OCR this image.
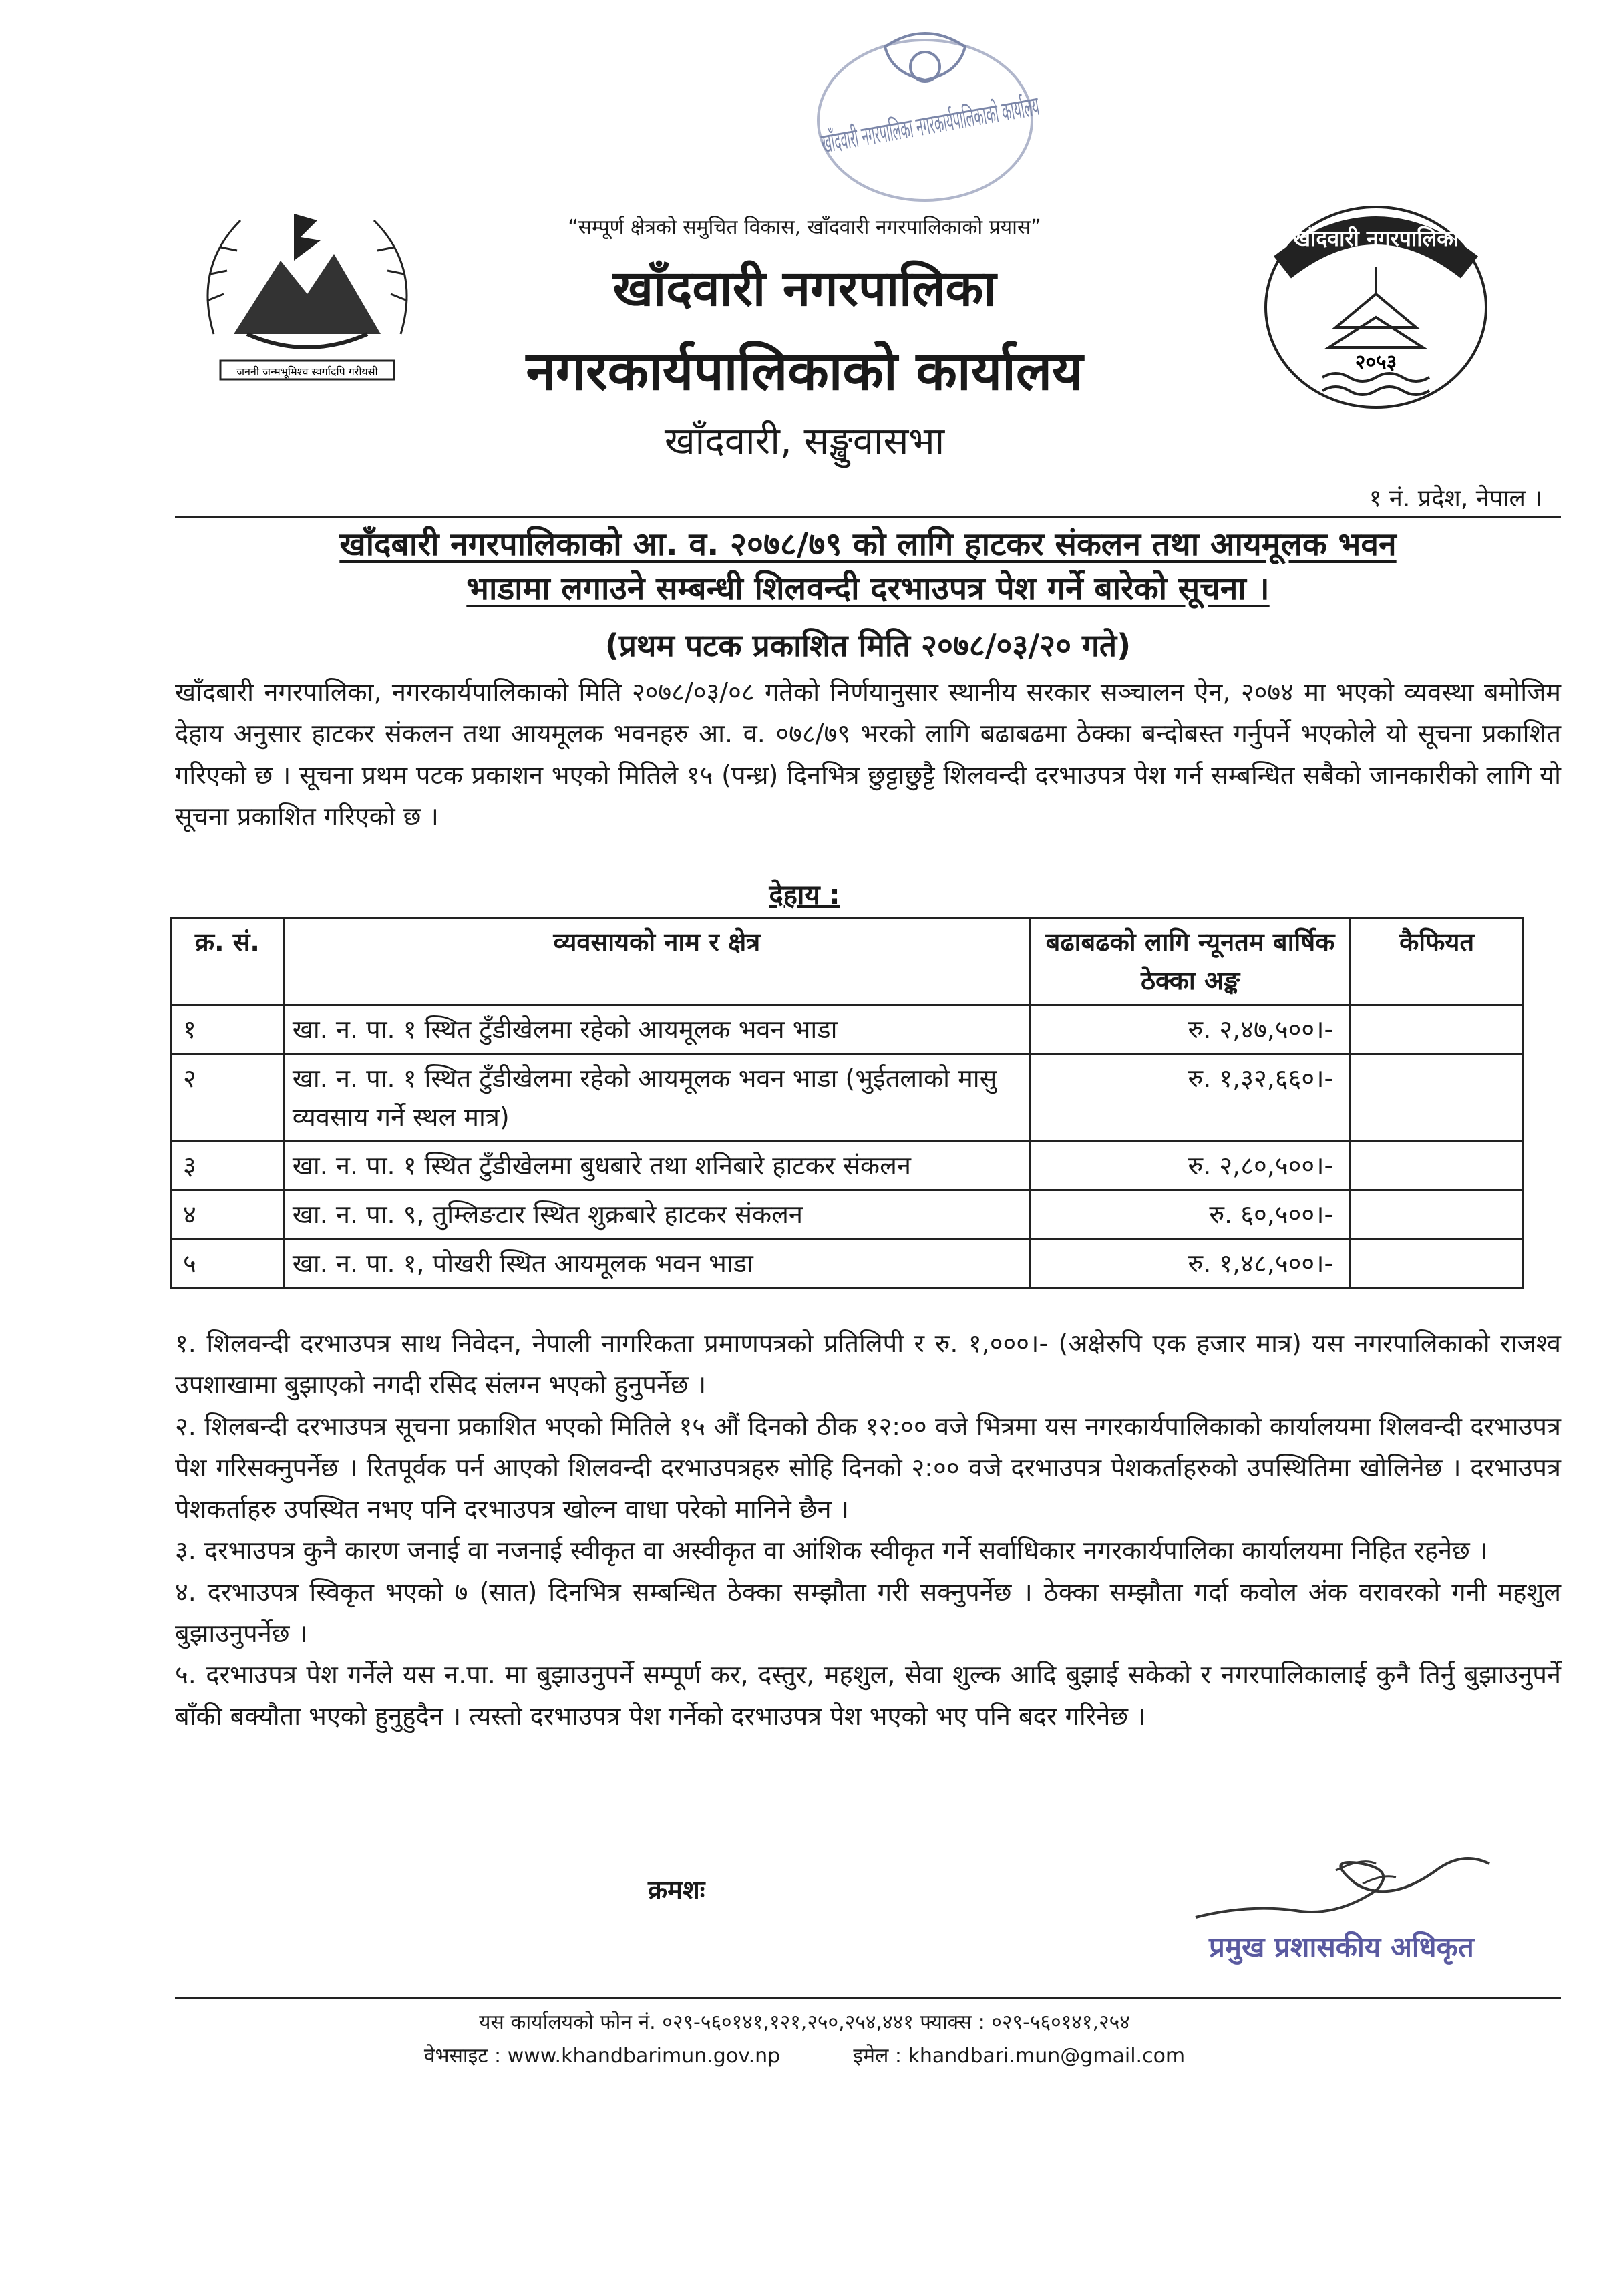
खाँदवारी नगरपालिका नगरकार्यपालिकाको कार्यालय
जननी जन्मभूमिश्च स्वर्गादपि गरीयसी
खाँदवारी नगरपालिका
२०५३
“सम्पूर्ण क्षेत्रको समुचित विकास, खाँदवारी नगरपालिकाको प्रयास”
खाँदवारी नगरपालिका
नगरकार्यपालिकाको कार्यालय
खाँदवारी, सङ्खुवासभा
१ नं. प्रदेश, नेपाल ।
खाँदबारी नगरपालिकाको आ. व. २०७८/७९ को लागि हाटकर संकलन तथा आयमूलक भवन
भाडामा लगाउने सम्बन्धी शिलवन्दी दरभाउपत्र पेश गर्ने बारेको सूचना ।
(प्रथम पटक प्रकाशित मिति २०७८/०३/२० गते)
खाँदबारी नगरपालिका, नगरकार्यपालिकाको मिति २०७८/०३/०८ गतेको निर्णयानुसार स्थानीय सरकार सञ्चालन ऐन, २०७४ मा भएको व्यवस्था बमोजिम देहाय अनुसार हाटकर संकलन तथा आयमूलक भवनहरु आ. व. ०७८/७९ भरको लागि बढाबढमा ठेक्का बन्दोबस्त गर्नुपर्ने भएकोले यो सूचना प्रकाशित गरिएको छ । सूचना प्रथम पटक प्रकाशन भएको मितिले १५ (पन्ध्र) दिनभित्र छुट्टाछुट्टै शिलवन्दी दरभाउपत्र पेश गर्न सम्बन्धित सबैको जानकारीको लागि यो सूचना प्रकाशित गरिएको छ ।
देहाय :
क्र. सं.	व्यवसायको नाम र क्षेत्र	बढाबढको लागि न्यूनतम बार्षिक ठेक्का अङ्क	कैफियत
१	खा. न. पा. १ स्थित टुँडीखेलमा रहेको आयमूलक भवन भाडा	रु. २,४७,५००।-	
२	खा. न. पा. १ स्थित टुँडीखेलमा रहेको आयमूलक भवन भाडा (भुईतलाको मासु व्यवसाय गर्ने स्थल मात्र)	रु. १,३२,६६०।-	
३	खा. न. पा. १ स्थित टुँडीखेलमा बुधबारे तथा शनिबारे हाटकर संकलन	रु. २,८०,५००।-	
४	खा. न. पा. ९, तुम्लिङटार स्थित शुक्रबारे हाटकर संकलन	रु. ६०,५००।-	
५	खा. न. पा. १, पोखरी स्थित आयमूलक भवन भाडा	रु. १,४८,५००।-	

१. शिलवन्दी दरभाउपत्र साथ निवेदन, नेपाली नागरिकता प्रमाणपत्रको प्रतिलिपी र रु. १,०००।- (अक्षेरुपि एक हजार मात्र) यस नगरपालिकाको राजश्व उपशाखामा बुझाएको नगदी रसिद संलग्न भएको हुनुपर्नेछ ।

२. शिलबन्दी दरभाउपत्र सूचना प्रकाशित भएको मितिले १५ औं दिनको ठीक १२:०० वजे भित्रमा यस नगरकार्यपालिकाको कार्यालयमा शिलवन्दी दरभाउपत्र पेश गरिसक्नुपर्नेछ । रितपूर्वक पर्न आएको शिलवन्दी दरभाउपत्रहरु सोहि दिनको २:०० वजे दरभाउपत्र पेशकर्ताहरुको उपस्थितिमा खोलिनेछ । दरभाउपत्र पेशकर्ताहरु उपस्थित नभए पनि दरभाउपत्र खोल्न वाधा परेको मानिने छैन ।

३. दरभाउपत्र कुनै कारण जनाई वा नजनाई स्वीकृत वा अस्वीकृत वा आंशिक स्वीकृत गर्ने सर्वाधिकार नगरकार्यपालिका कार्यालयमा निहित रहनेछ ।

४. दरभाउपत्र स्विकृत भएको ७ (सात) दिनभित्र सम्बन्धित ठेक्का सम्झौता गरी सक्नुपर्नेछ । ठेक्का सम्झौता गर्दा कवोल अंक वरावरको गनी महशुल बुझाउनुपर्नेछ ।

५. दरभाउपत्र पेश गर्नेले यस न.पा. मा बुझाउनुपर्ने सम्पूर्ण कर, दस्तुर, महशुल, सेवा शुल्क आदि बुझाई सकेको र नगरपालिकालाई कुनै तिर्नु बुझाउनुपर्ने बाँकी बक्यौता भएको हुनुहुदैन । त्यस्तो दरभाउपत्र पेश गर्नेको दरभाउपत्र पेश भएको भए पनि बदर गरिनेछ ।

क्रमशः
प्रमुख प्रशासकीय अधिकृत
यस कार्यालयको फोन नं. ०२९-५६०१४१,१२१,२५०,२५४,४४१ फ्याक्स : ०२९-५६०१४१,२५४
वेभसाइट : www.khandbarimun.gov.np	इमेल : khandbari.mun@gmail.com
